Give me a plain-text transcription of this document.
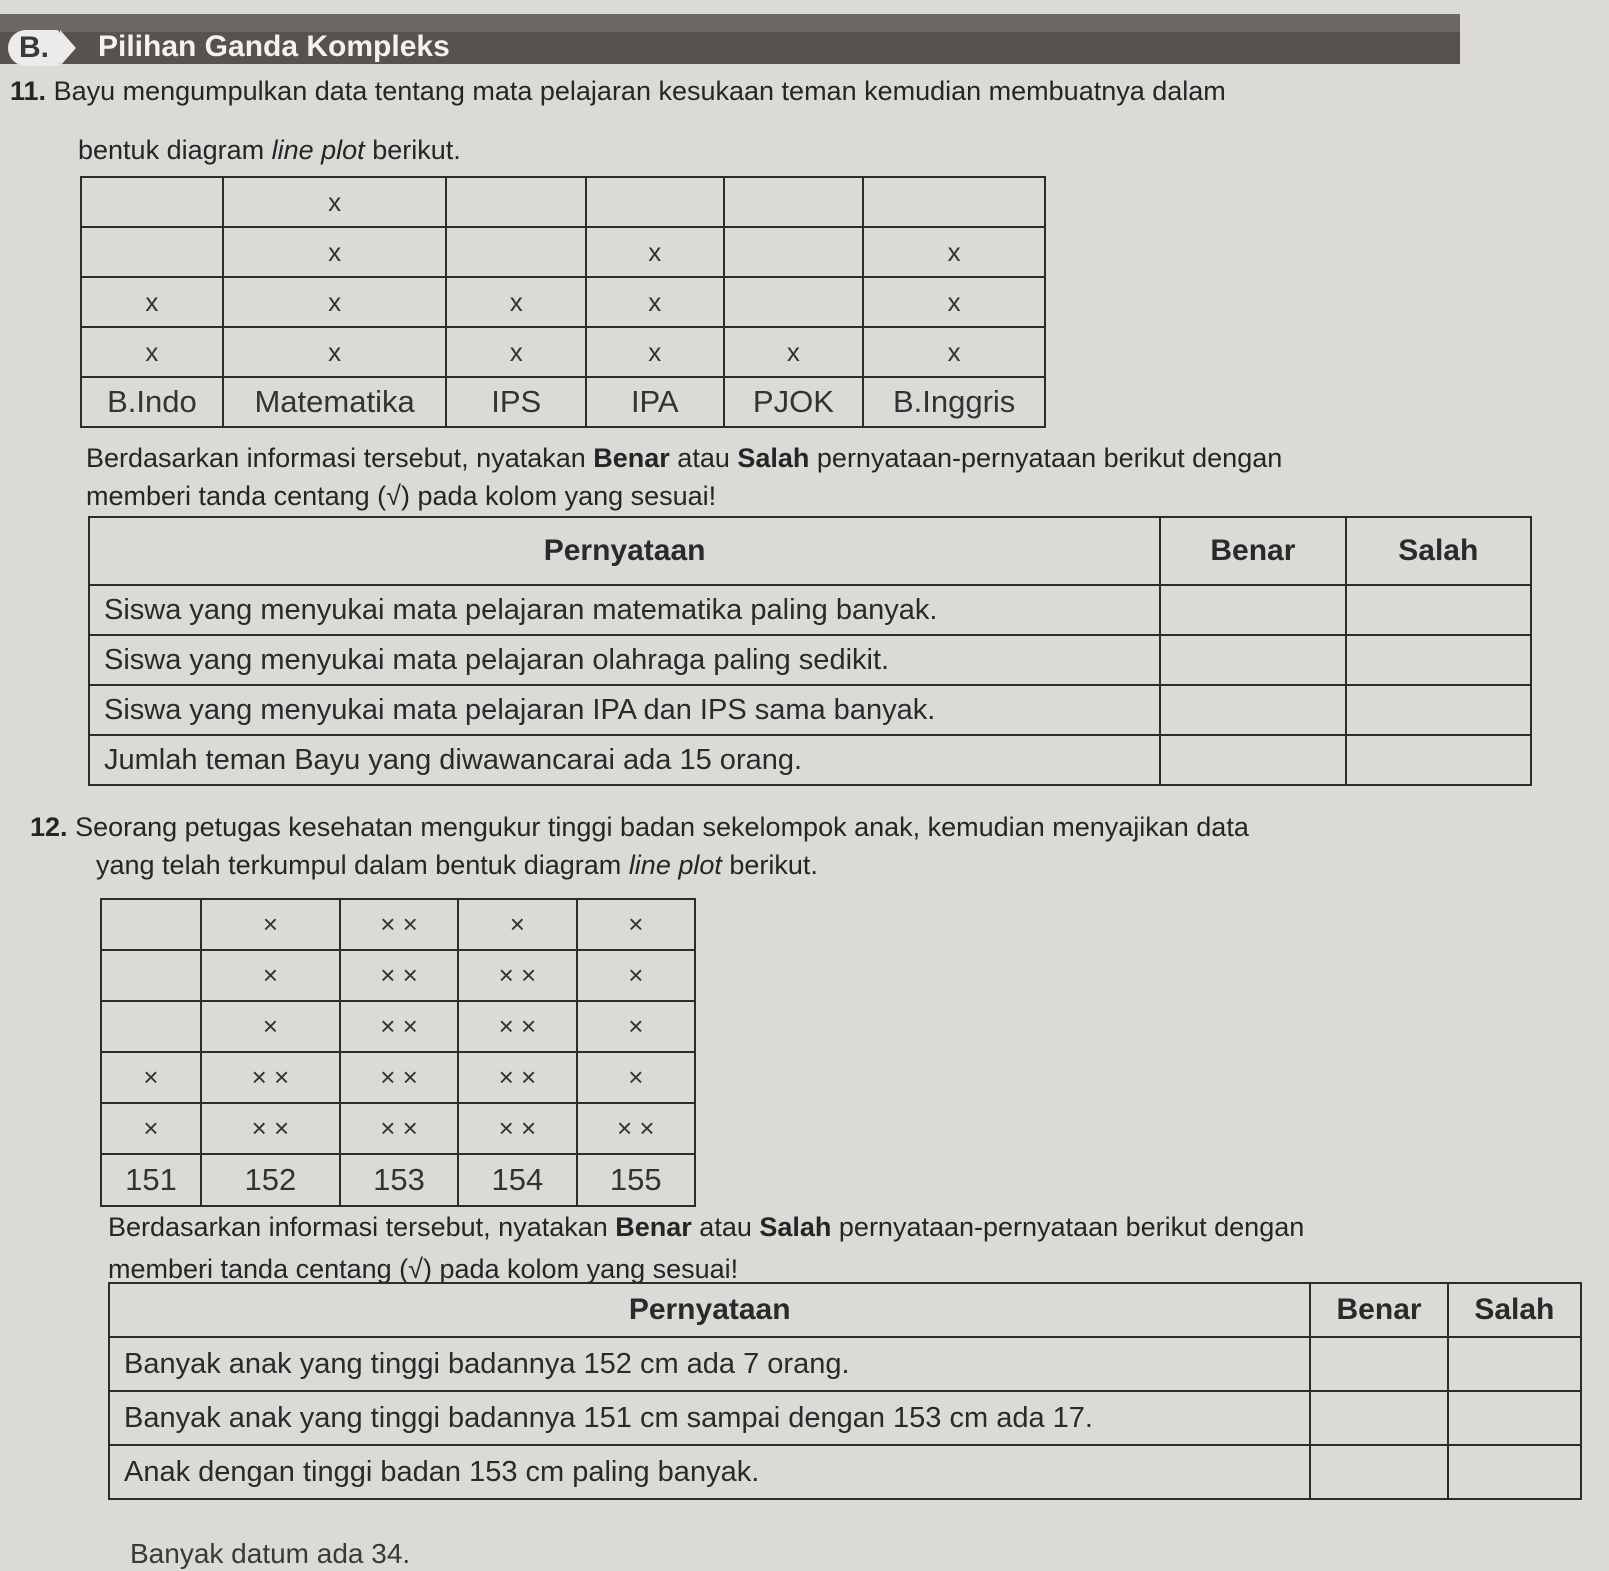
B. Pilihan Ganda Kompleks
11. Bayu mengumpulkan data tentang mata pelajaran kesukaan teman kemudian membuatnya dalam
bentuk diagram line plot berikut.
	x				
	x		x		x
x	x	x	x		x
x	x	x	x	x	x
B.Indo	Matematika	IPS	IPA	PJOK	B.Inggris
Berdasarkan informasi tersebut, nyatakan Benar atau Salah pernyataan-pernyataan berikut dengan
memberi tanda centang (√) pada kolom yang sesuai!
Pernyataan	Benar	Salah
Siswa yang menyukai mata pelajaran matematika paling banyak.		
Siswa yang menyukai mata pelajaran olahraga paling sedikit.		
Siswa yang menyukai mata pelajaran IPA dan IPS sama banyak.		
Jumlah teman Bayu yang diwawancarai ada 15 orang.		
12. Seorang petugas kesehatan mengukur tinggi badan sekelompok anak, kemudian menyajikan data
yang telah terkumpul dalam bentuk diagram line plot berikut.
	×	× ×	×	×
	×	× ×	× ×	×
	×	× ×	× ×	×
×	× ×	× ×	× ×	×
×	× ×	× ×	× ×	× ×
151	152	153	154	155
Berdasarkan informasi tersebut, nyatakan Benar atau Salah pernyataan-pernyataan berikut dengan
memberi tanda centang (√) pada kolom yang sesuai!
Pernyataan	Benar	Salah
Banyak anak yang tinggi badannya 152 cm ada 7 orang.		
Banyak anak yang tinggi badannya 151 cm sampai dengan 153 cm ada 17.		
Anak dengan tinggi badan 153 cm paling banyak.		
Banyak datum ada 34.
